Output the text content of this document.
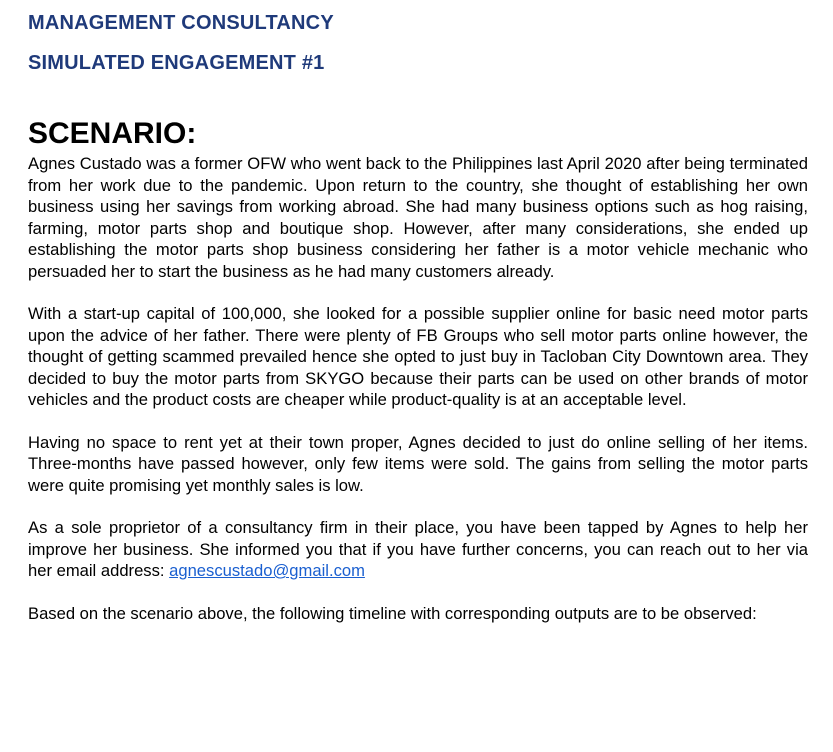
MANAGEMENT CONSULTANCY
SIMULATED ENGAGEMENT #1
SCENARIO:

Agnes Custado was a former OFW who went back to the Philippines last April 2020 after being terminated from her work due to the pandemic. Upon return to the country, she thought of establishing her own business using her savings from working abroad. She had many business options such as hog raising, farming, motor parts shop and boutique shop. However, after many considerations, she ended up establishing the motor parts shop business considering her father is a motor vehicle mechanic who persuaded her to start the business as he had many customers already.

With a start-up capital of 100,000, she looked for a possible supplier online for basic need motor parts upon the advice of her father. There were plenty of FB Groups who sell motor parts online however, the thought of getting scammed prevailed hence she opted to just buy in Tacloban City Downtown area. They decided to buy the motor parts from SKYGO because their parts can be used on other brands of motor vehicles and the product costs are cheaper while product-quality is at an acceptable level.

Having no space to rent yet at their town proper, Agnes decided to just do online selling of her items. Three-months have passed however, only few items were sold. The gains from selling the motor parts were quite promising yet monthly sales is low.

As a sole proprietor of a consultancy firm in their place, you have been tapped by Agnes to help her improve her business. She informed you that if you have further concerns, you can reach out to her via her email address: agnescustado@gmail.com

Based on the scenario above, the following timeline with corresponding outputs are to be observed:
